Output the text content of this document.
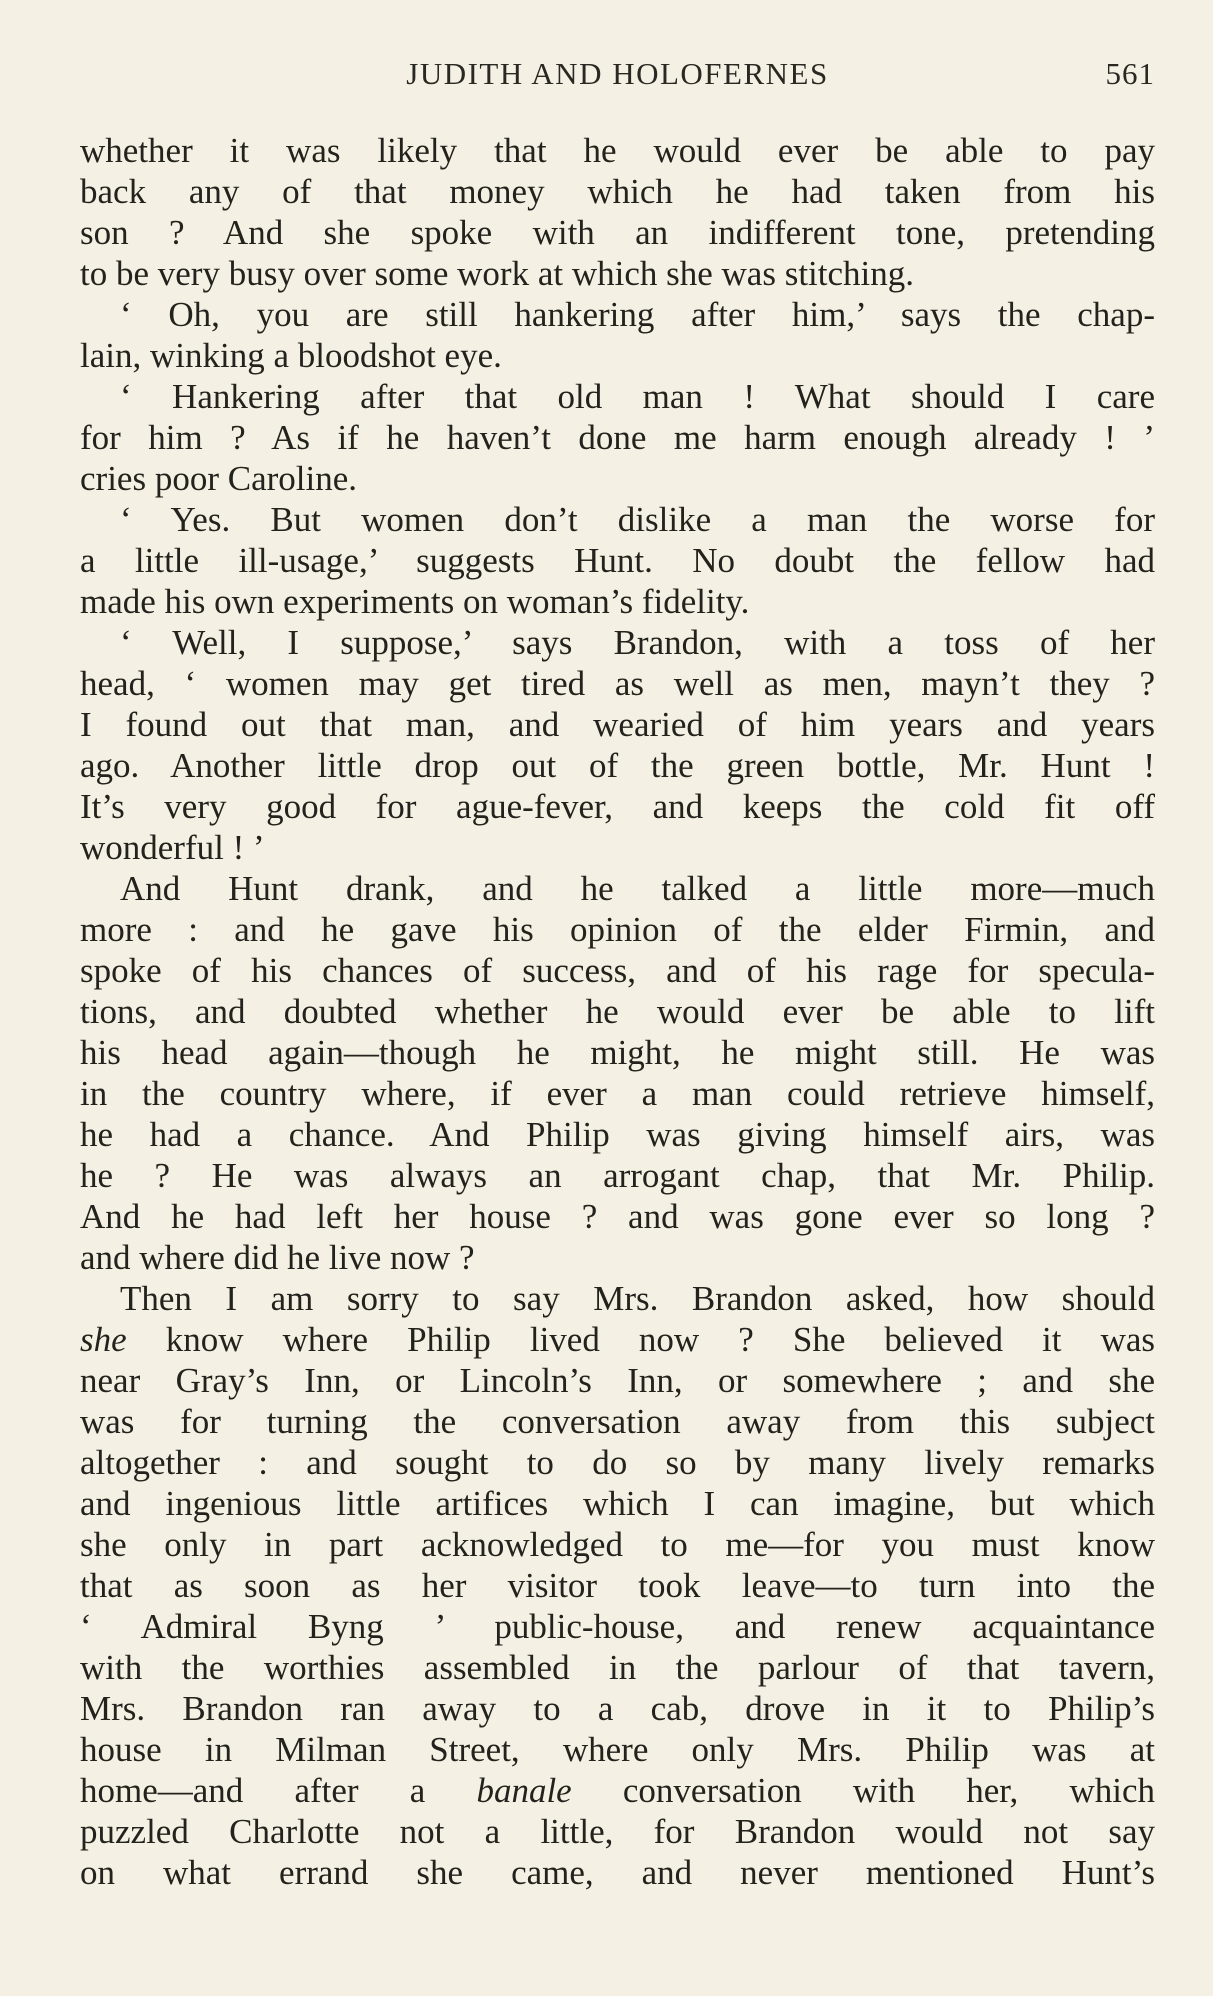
JUDITH AND HOLOFERNES	561
whether it was likely that he would ever be able to pay
back any of that money which he had taken from his
son ? And she spoke with an indifferent tone, pretending
to be very busy over some work at which she was stitching.
‘ Oh, you are still hankering after him,’ says the chap-
lain, winking a bloodshot eye.
‘ Hankering after that old man ! What should I care
for him ? As if he haven’t done me harm enough already ! ’
cries poor Caroline.
‘ Yes. But women don’t dislike a man the worse for
a little ill-usage,’ suggests Hunt. No doubt the fellow had
made his own experiments on woman’s fidelity.
‘ Well, I suppose,’ says Brandon, with a toss of her
head, ‘ women may get tired as well as men, mayn’t they ?
I found out that man, and wearied of him years and years
ago. Another little drop out of the green bottle, Mr. Hunt !
It’s very good for ague-fever, and keeps the cold fit off
wonderful ! ’
And Hunt drank, and he talked a little more—much
more : and he gave his opinion of the elder Firmin, and
spoke of his chances of success, and of his rage for specula-
tions, and doubted whether he would ever be able to lift
his head again—though he might, he might still. He was
in the country where, if ever a man could retrieve himself,
he had a chance. And Philip was giving himself airs, was
he ? He was always an arrogant chap, that Mr. Philip.
And he had left her house ? and was gone ever so long ?
and where did he live now ?
Then I am sorry to say Mrs. Brandon asked, how should
she know where Philip lived now ? She believed it was
near Gray’s Inn, or Lincoln’s Inn, or somewhere ; and she
was for turning the conversation away from this subject
altogether : and sought to do so by many lively remarks
and ingenious little artifices which I can imagine, but which
she only in part acknowledged to me—for you must know
that as soon as her visitor took leave—to turn into the
‘ Admiral Byng ’ public-house, and renew acquaintance
with the worthies assembled in the parlour of that tavern,
Mrs. Brandon ran away to a cab, drove in it to Philip’s
house in Milman Street, where only Mrs. Philip was at
home—and after a banale conversation with her, which
puzzled Charlotte not a little, for Brandon would not say
on what errand she came, and never mentioned Hunt’s
